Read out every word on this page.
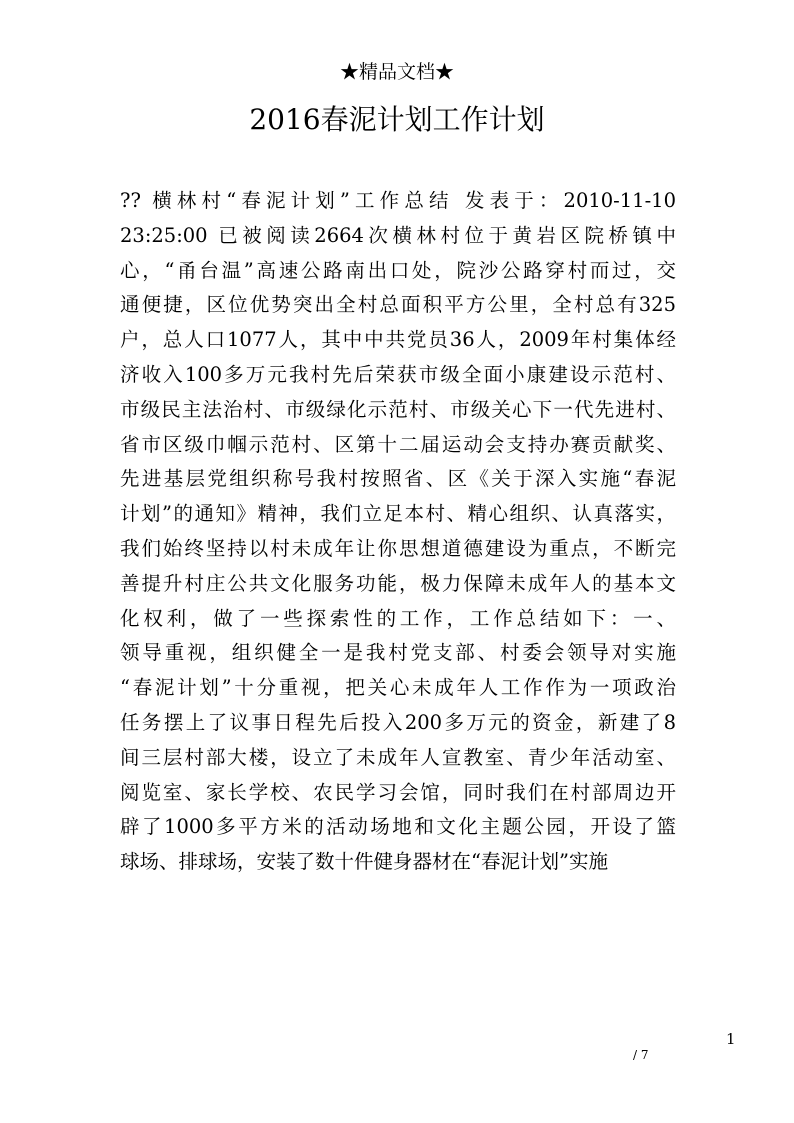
★精品文档★
2016春泥计划工作计划
?? 横林村“春泥计划”工作总结 发表于：2010-11-10
23:25:00 已被阅读2664次横林村位于黄岩区院桥镇中
心，“甬台温”高速公路南出口处，院沙公路穿村而过，交
通便捷，区位优势突出全村总面积平方公里，全村总有325
户，总人口1077人，其中中共党员36人，2009年村集体经
济收入100多万元我村先后荣获市级全面小康建设示范村、
市级民主法治村、市级绿化示范村、市级关心下一代先进村、
省市区级巾帼示范村、区第十二届运动会支持办赛贡献奖、
先进基层党组织称号我村按照省、区《关于深入实施“春泥
计划”的通知》精神，我们立足本村、精心组织、认真落实，
我们始终坚持以村未成年让你思想道德建设为重点，不断完
善提升村庄公共文化服务功能，极力保障未成年人的基本文
化权利，做了一些探索性的工作，工作总结如下：一、
领导重视，组织健全一是我村党支部、村委会领导对实施
“春泥计划”十分重视，把关心未成年人工作作为一项政治
任务摆上了议事日程先后投入200多万元的资金，新建了8
间三层村部大楼，设立了未成年人宣教室、青少年活动室、
阅览室、家长学校、农民学习会馆，同时我们在村部周边开
辟了1000多平方米的活动场地和文化主题公园，开设了篮
球场、排球场，安装了数十件健身器材在“春泥计划”实施
1
/ 7
